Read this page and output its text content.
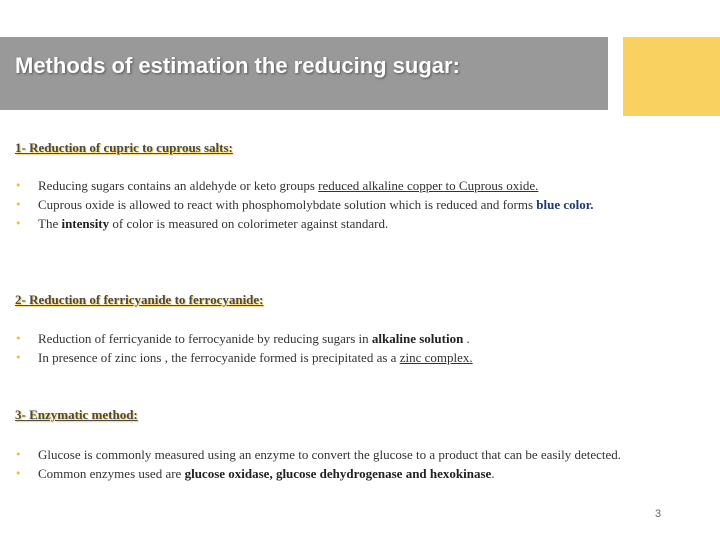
Methods of estimation the reducing sugar:
1- Reduction of cupric to cuprous salts:
• Reducing sugars contains an aldehyde or keto groups reduced alkaline copper to Cuprous oxide.
• Cuprous oxide is allowed to react with phosphomolybdate solution which is reduced and forms blue color.
• The intensity of color is measured on colorimeter against standard.
2- Reduction of ferricyanide to ferrocyanide:
• Reduction of ferricyanide to ferrocyanide by reducing sugars in alkaline solution .
• In presence of zinc ions , the ferrocyanide formed is precipitated as a zinc complex.
3- Enzymatic method:
• Glucose is commonly measured using an enzyme to convert the glucose to a product that can be easily detected.
• Common enzymes used are glucose oxidase, glucose dehydrogenase and hexokinase.
3
